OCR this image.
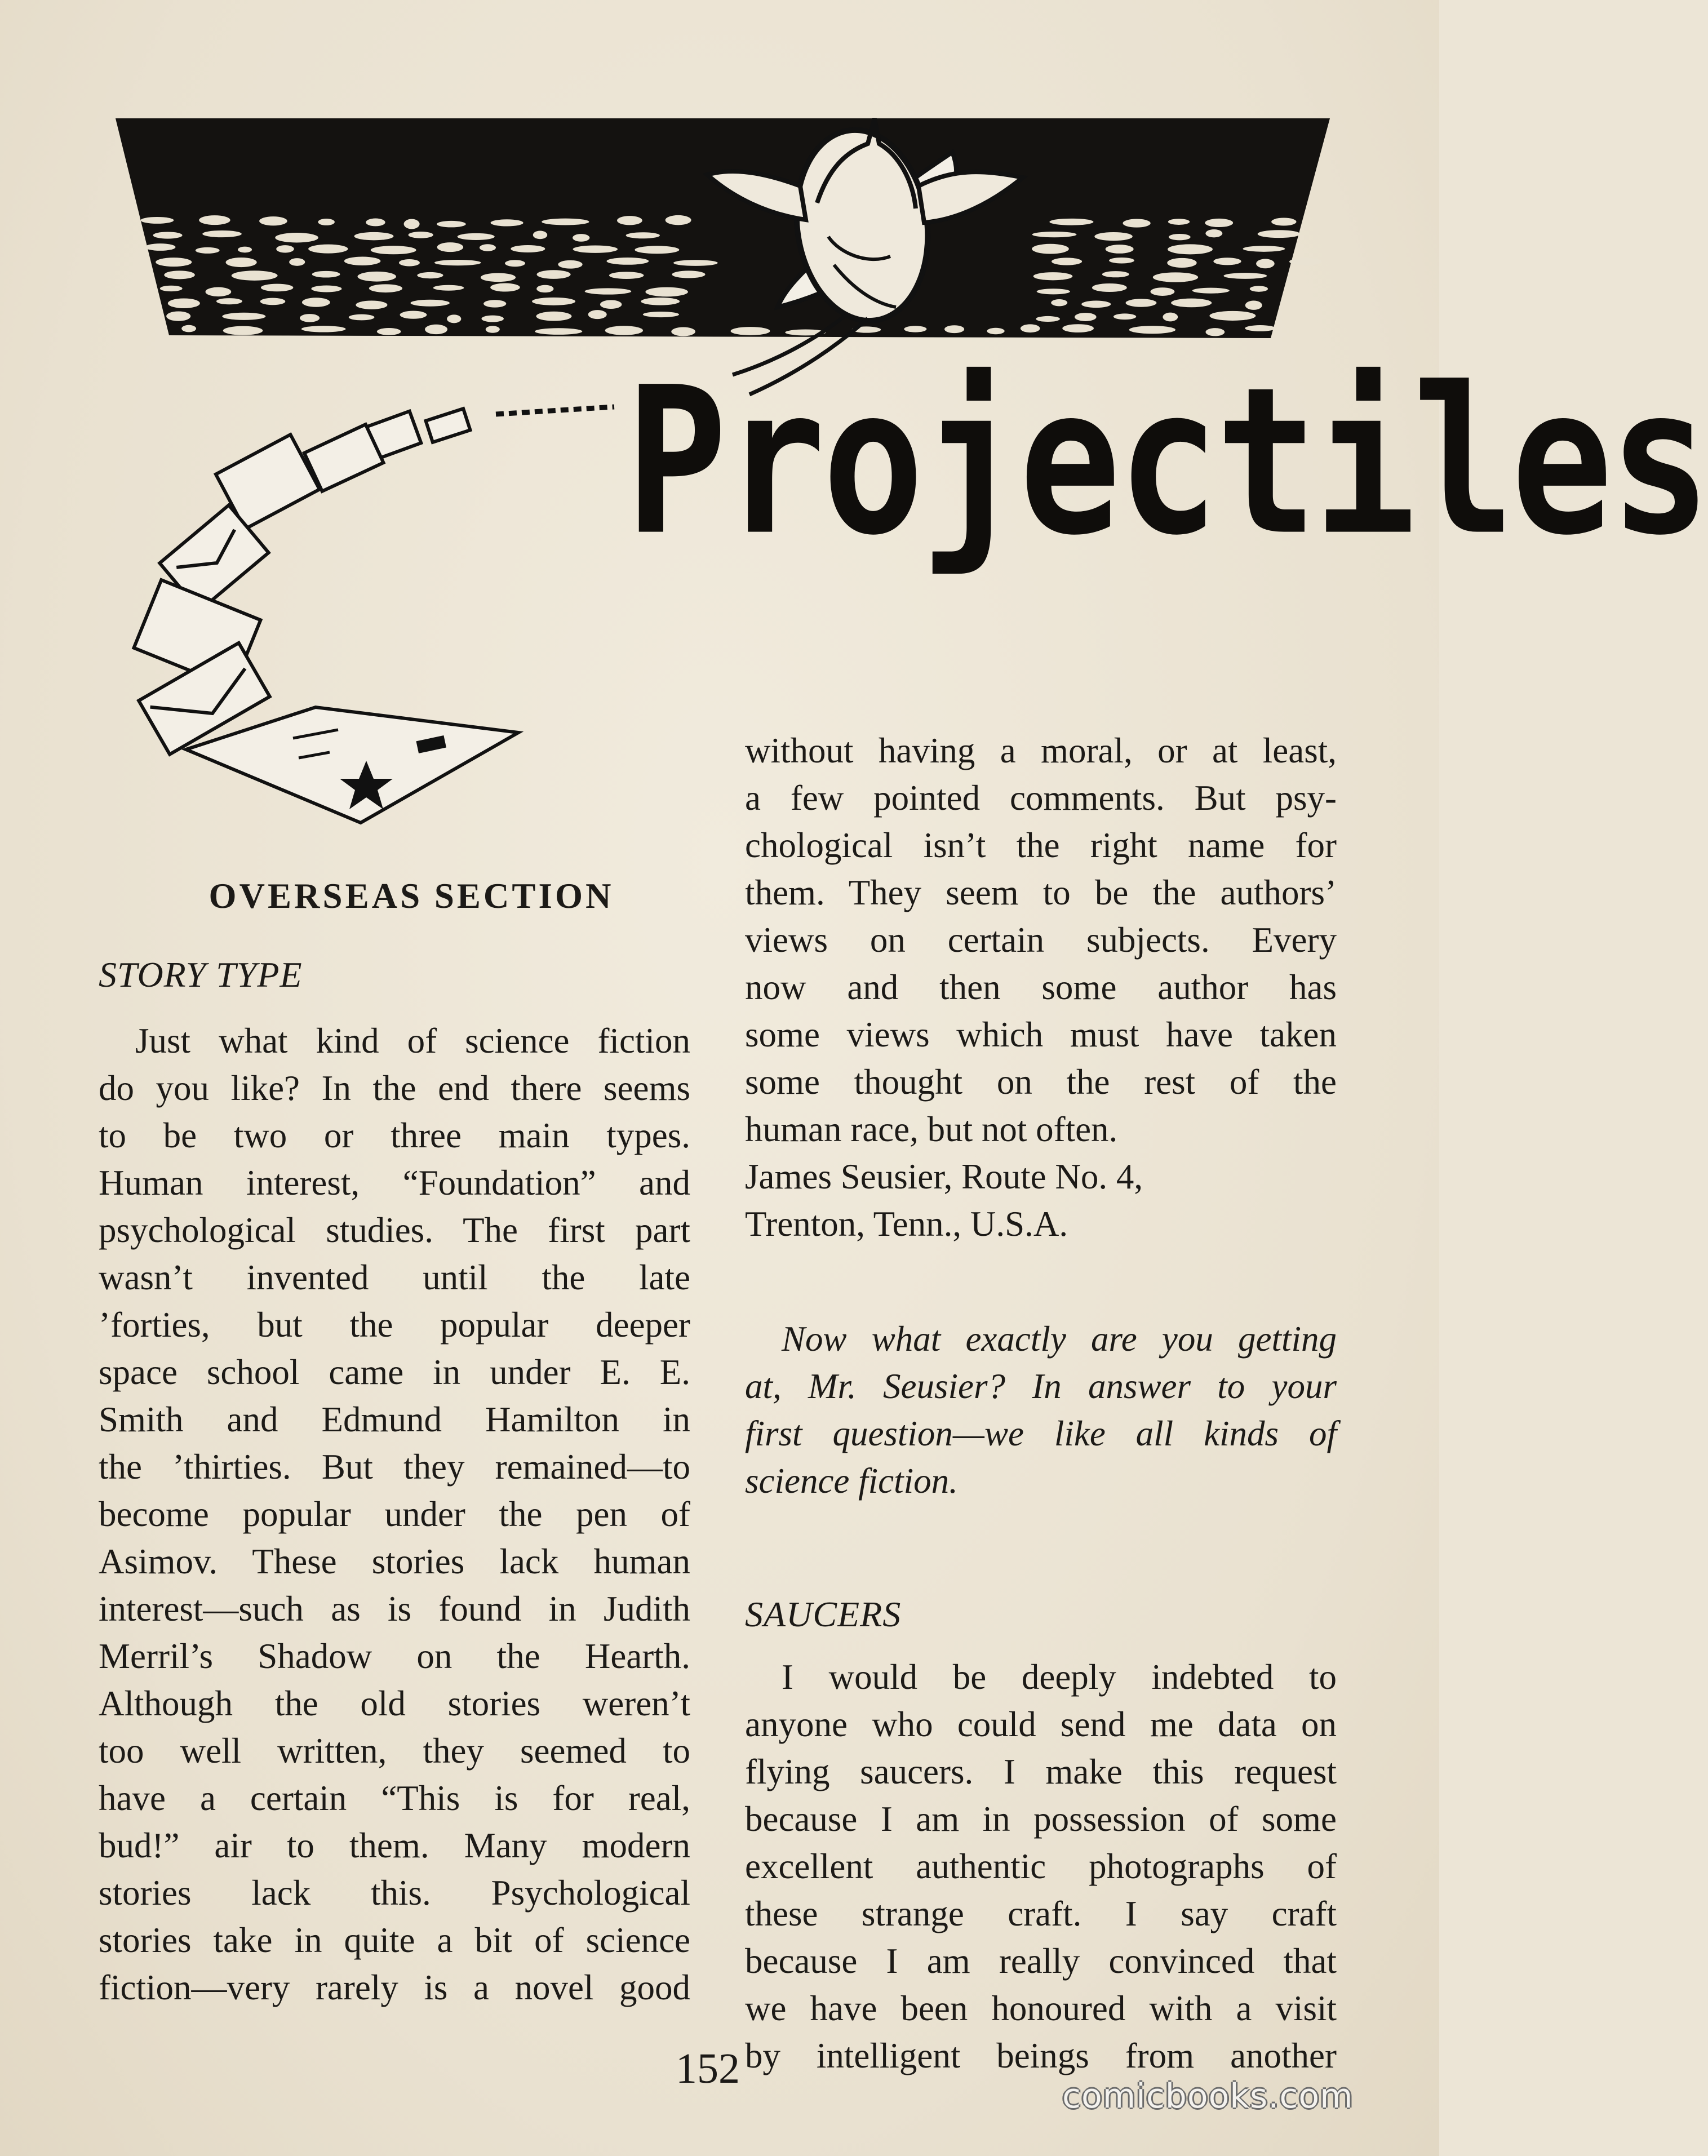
Projectiles
OVERSEAS SECTION
STORY TYPE
Just what kind of science fiction
do you like? In the end there seems
to be two or three main types.
Human interest, “Foundation” and
psychological studies. The first part
wasn’t invented until the late
’forties, but the popular deeper
space school came in under E. E.
Smith and Edmund Hamilton in
the ’thirties. But they remained—to
become popular under the pen of
Asimov. These stories lack human
interest—such as is found in Judith
Merril’s Shadow on the Hearth.
Although the old stories weren’t
too well written, they seemed to
have a certain “This is for real,
bud!” air to them. Many modern
stories lack this. Psychological
stories take in quite a bit of science
fiction—very rarely is a novel good
without having a moral, or at least,
a few pointed comments. But psy-
chological isn’t the right name for
them. They seem to be the authors’
views on certain subjects. Every
now and then some author has
some views which must have taken
some thought on the rest of the
human race, but not often.
James Seusier, Route No. 4,
Trenton, Tenn., U.S.A.
Now what exactly are you getting
at, Mr. Seusier? In answer to your
first question—we like all kinds of
science fiction.
SAUCERS
I would be deeply indebted to
anyone who could send me data on
flying saucers. I make this request
because I am in possession of some
excellent authentic photographs of
these strange craft. I say craft
because I am really convinced that
we have been honoured with a visit
by intelligent beings from another
152
comicbooks.com
